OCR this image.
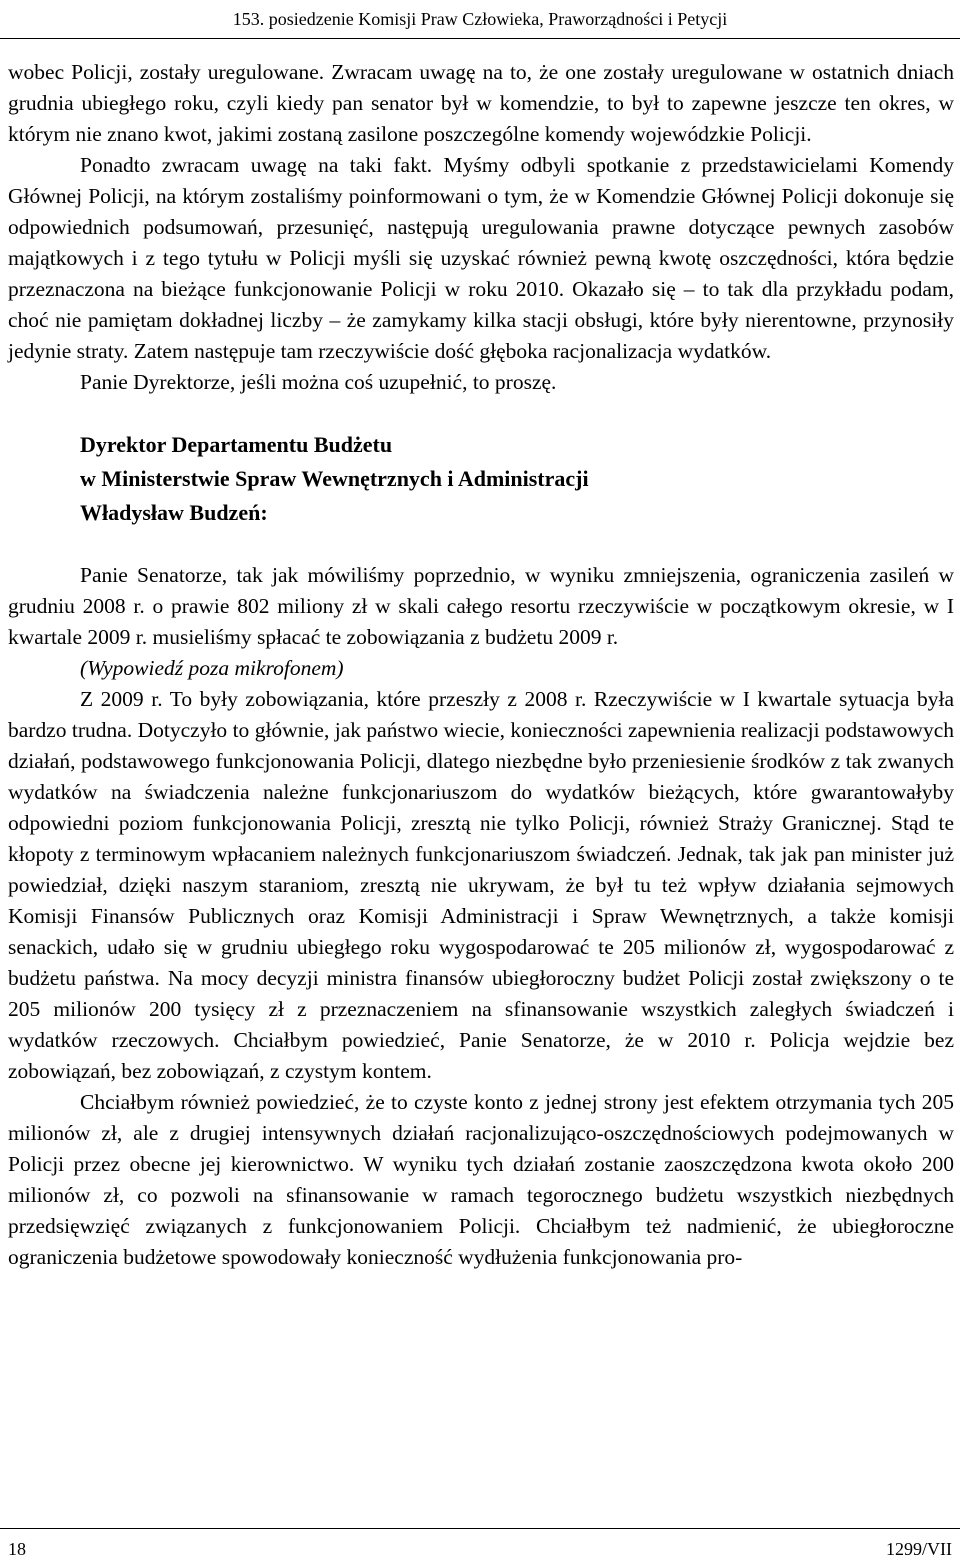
153. posiedzenie Komisji Praw Człowieka, Praworządności i Petycji

wobec Policji, zostały uregulowane. Zwracam uwagę na to, że one zostały uregulowane w ostatnich dniach grudnia ubiegłego roku, czyli kiedy pan senator był w komendzie, to był to zapewne jeszcze ten okres, w którym nie znano kwot, jakimi zostaną zasilone poszczególne komendy wojewódzkie Policji.

Ponadto zwracam uwagę na taki fakt. Myśmy odbyli spotkanie z przedstawicielami Komendy Głównej Policji, na którym zostaliśmy poinformowani o tym, że w Komendzie Głównej Policji dokonuje się odpowiednich podsumowań, przesunięć, następują uregulowania prawne dotyczące pewnych zasobów majątkowych i z tego tytułu w Policji myśli się uzyskać również pewną kwotę oszczędności, która będzie przeznaczona na bieżące funkcjonowanie Policji w roku 2010. Okazało się – to tak dla przykładu podam, choć nie pamiętam dokładnej liczby – że zamykamy kilka stacji obsługi, które były nierentowne, przynosiły jedynie straty. Zatem następuje tam rzeczywiście dość głęboka racjonalizacja wydatków.

Panie Dyrektorze, jeśli można coś uzupełnić, to proszę.

Dyrektor Departamentu Budżetu

w Ministerstwie Spraw Wewnętrznych i Administracji

Władysław Budzeń:

Panie Senatorze, tak jak mówiliśmy poprzednio, w wyniku zmniejszenia, ograniczenia zasileń w grudniu 2008 r. o prawie 802 miliony zł w skali całego resortu rzeczywiście w początkowym okresie, w I kwartale 2009 r. musieliśmy spłacać te zobowiązania z budżetu 2009 r.

(Wypowiedź poza mikrofonem)

Z 2009 r. To były zobowiązania, które przeszły z 2008 r. Rzeczywiście w I kwartale sytuacja była bardzo trudna. Dotyczyło to głównie, jak państwo wiecie, konieczności zapewnienia realizacji podstawowych działań, podstawowego funkcjonowania Policji, dlatego niezbędne było przeniesienie środków z tak zwanych wydatków na świadczenia należne funkcjonariuszom do wydatków bieżących, które gwarantowałyby odpowiedni poziom funkcjonowania Policji, zresztą nie tylko Policji, również Straży Granicznej. Stąd te kłopoty z terminowym wpłacaniem należnych funkcjonariuszom świadczeń. Jednak, tak jak pan minister już powiedział, dzięki naszym staraniom, zresztą nie ukrywam, że był tu też wpływ działania sejmowych Komisji Finansów Publicznych oraz Komisji Administracji i Spraw Wewnętrznych, a także komisji senackich, udało się w grudniu ubiegłego roku wygospodarować te 205 milionów zł, wygospodarować z budżetu państwa. Na mocy decyzji ministra finansów ubiegłoroczny budżet Policji został zwiększony o te 205 milionów 200 tysięcy zł z przeznaczeniem na sfinansowanie wszystkich zaległych świadczeń i wydatków rzeczowych. Chciałbym powiedzieć, Panie Senatorze, że w 2010 r. Policja wejdzie bez zobowiązań, bez zobowiązań, z czystym kontem.

Chciałbym również powiedzieć, że to czyste konto z jednej strony jest efektem otrzymania tych 205 milionów zł, ale z drugiej intensywnych działań racjonalizująco-oszczędnościowych podejmowanych w Policji przez obecne jej kierownictwo. W wyniku tych działań zostanie zaoszczędzona kwota około 200 milionów zł, co pozwoli na sfinansowanie w ramach tegorocznego budżetu wszystkich niezbędnych przedsięwzięć związanych z funkcjonowaniem Policji. Chciałbym też nadmienić, że ubiegłoroczne ograniczenia budżetowe spowodowały konieczność wydłużenia funkcjonowania pro-

18	1299/VII
